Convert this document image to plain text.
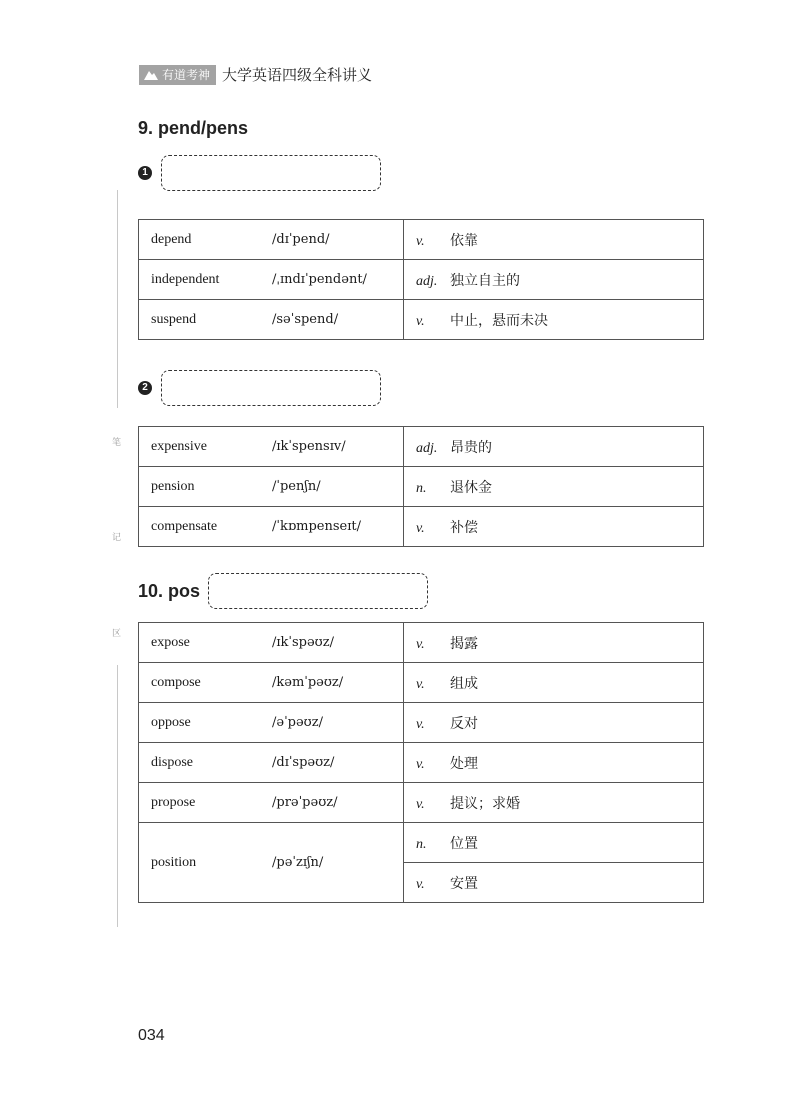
有道考神 大学英语四级全科讲义
笔
记
区
9. pend/pens
1
depend	/dɪˈpend/	v. 依靠
independent	/ˌɪndɪˈpendənt/	adj. 独立自主的
suspend	/səˈspend/	v. 中止，悬而未决
2
expensive	/ɪkˈspensɪv/	adj. 昂贵的
pension	/ˈpenʃn/	n. 退休金
compensate	/ˈkɒmpenseɪt/	v. 补偿
10. pos
expose	/ɪkˈspəʊz/	v. 揭露
compose	/kəmˈpəʊz/	v. 组成
oppose	/əˈpəʊz/	v. 反对
dispose	/dɪˈspəʊz/	v. 处理
propose	/prəˈpəʊz/	v. 提议；求婚
position	/pəˈzɪʃn/	n. 位置
		v. 安置
034
